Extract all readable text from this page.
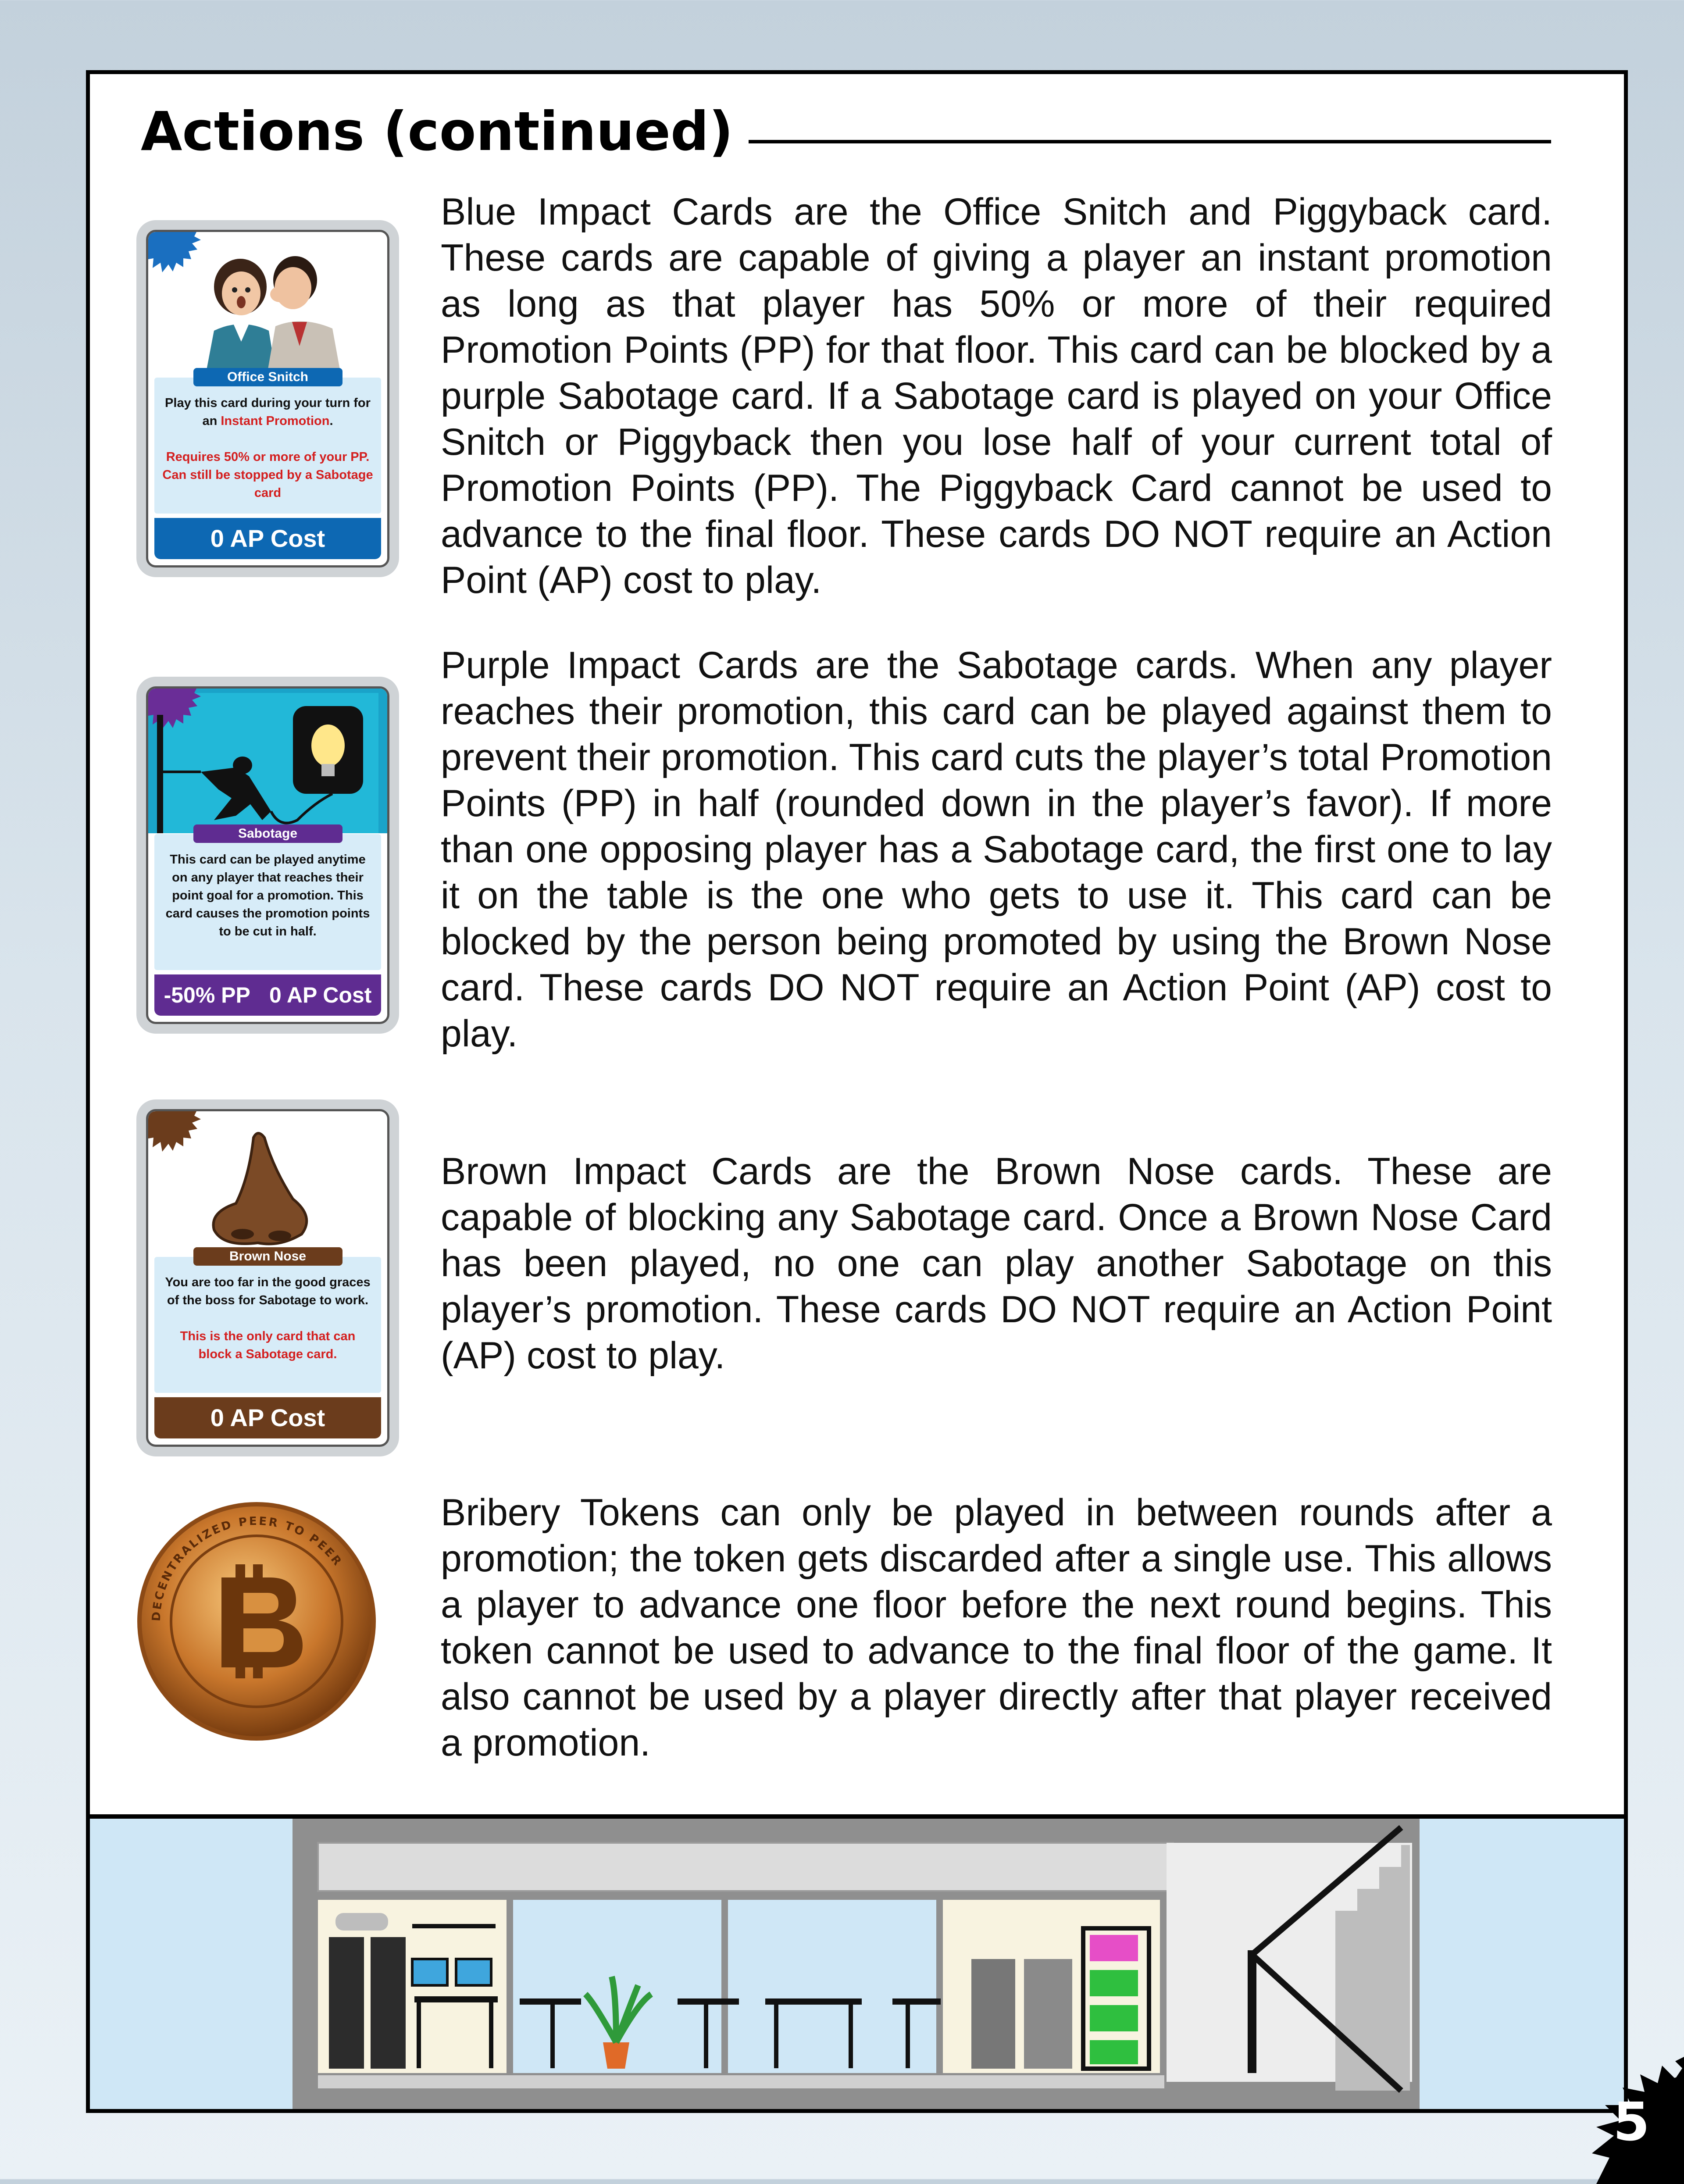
Actions (continued)
Office Snitch

Play this card during your turn for an Instant Promotion.

Requires 50% or more of your PP. Can still be stopped by a Sabotage card

0 AP Cost
Sabotage

This card can be played anytime on any player that reaches their point goal for a promotion. This card causes the promotion points to be cut in half.

-50% PP 0 AP Cost
Brown Nose

You are too far in the good graces of the boss for Sabotage to work.

This is the only card that can block a Sabotage card.

0 AP Cost
DECENTRALIZED PEER TO PEER

Blue Impact Cards are the Office Snitch and Piggyback card. These cards are capable of giving a player an instant promotion as long as that player has 50% or more of their required Promotion Points (PP) for that floor. This card can be blocked by a purple Sabotage card. If a Sabotage card is played on your Office Snitch or Piggyback then you lose half of your current total of Promotion Points (PP). The Piggyback Card cannot be used to advance to the final floor. These cards DO NOT require an Action Point (AP) cost to play.

Purple Impact Cards are the Sabotage cards. When any player reaches their promotion, this card can be played against them to prevent their promotion. This card cuts the player’s total Promotion Points (PP) in half (rounded down in the player’s favor). If more than one opposing player has a Sabotage card, the first one to lay it on the table is the one who gets to use it. This card can be blocked by the person being promoted by using the Brown Nose card. These cards DO NOT require an Action Point (AP) cost to play.

Brown Impact Cards are the Brown Nose cards. These are capable of blocking any Sabotage card. Once a Brown Nose Card has been played, no one can play another Sabotage on this player’s promotion. These cards DO NOT require an Action Point (AP) cost to play.

Bribery Tokens can only be played in between rounds after a promotion; the token gets discarded after a single use. This allows a player to advance one floor before the next round begins. This token cannot be used to advance to the final floor of the game. It also cannot be used by a player directly after that player received a promotion.

5
